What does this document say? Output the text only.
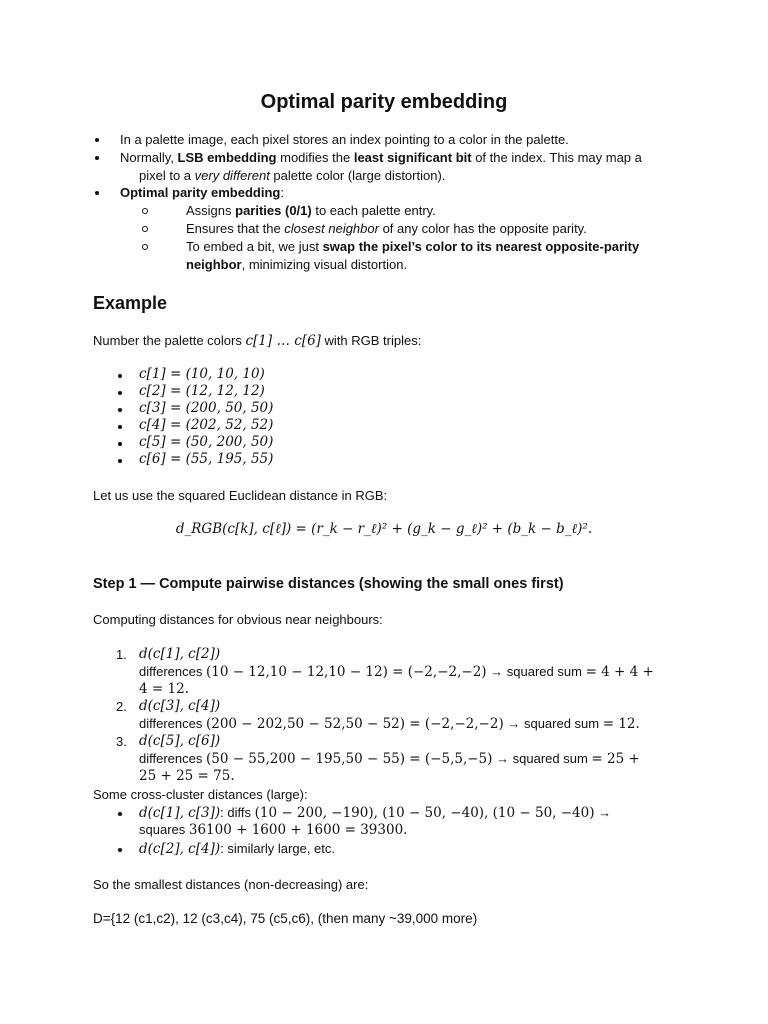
Optimal parity embedding
In a palette image, each pixel stores an index pointing to a color in the palette.
Normally, LSB embedding modifies the least significant bit of the index. This may map a
pixel to a very different palette color (large distortion).
Optimal parity embedding:
Assigns parities (0/1) to each palette entry.
Ensures that the closest neighbor of any color has the opposite parity.
To embed a bit, we just swap the pixel’s color to its nearest opposite-parity
neighbor, minimizing visual distortion.
Example
Number the palette colors c[1] … c[6] with RGB triples:
c[1] = (10, 10, 10)
c[2] = (12, 12, 12)
c[3] = (200, 50, 50)
c[4] = (202, 52, 52)
c[5] = (50, 200, 50)
c[6] = (55, 195, 55)
Let us use the squared Euclidean distance in RGB:
d_RGB(c[k], c[ℓ]) = (r_k − r_ℓ)² + (g_k − g_ℓ)² + (b_k − b_ℓ)².
Step 1 — Compute pairwise distances (showing the small ones first)
Computing distances for obvious near neighbours:
1. d(c[1], c[2])
differences (10 − 12,10 − 12,10 − 12) = (−2,−2,−2) → squared sum = 4 + 4 +
4 = 12.
2. d(c[3], c[4])
differences (200 − 202,50 − 52,50 − 52) = (−2,−2,−2) → squared sum = 12.
3. d(c[5], c[6])
differences (50 − 55,200 − 195,50 − 55) = (−5,5,−5) → squared sum = 25 +
25 + 25 = 75.
Some cross-cluster distances (large):
d(c[1], c[3]): diffs (10 − 200, −190), (10 − 50, −40), (10 − 50, −40) →
squares 36100 + 1600 + 1600 = 39300.
d(c[2], c[4]): similarly large, etc.
So the smallest distances (non-decreasing) are:
D={12 (c1,c2), 12 (c3,c4), 75 (c5,c6), (then many ~39,000 more)
